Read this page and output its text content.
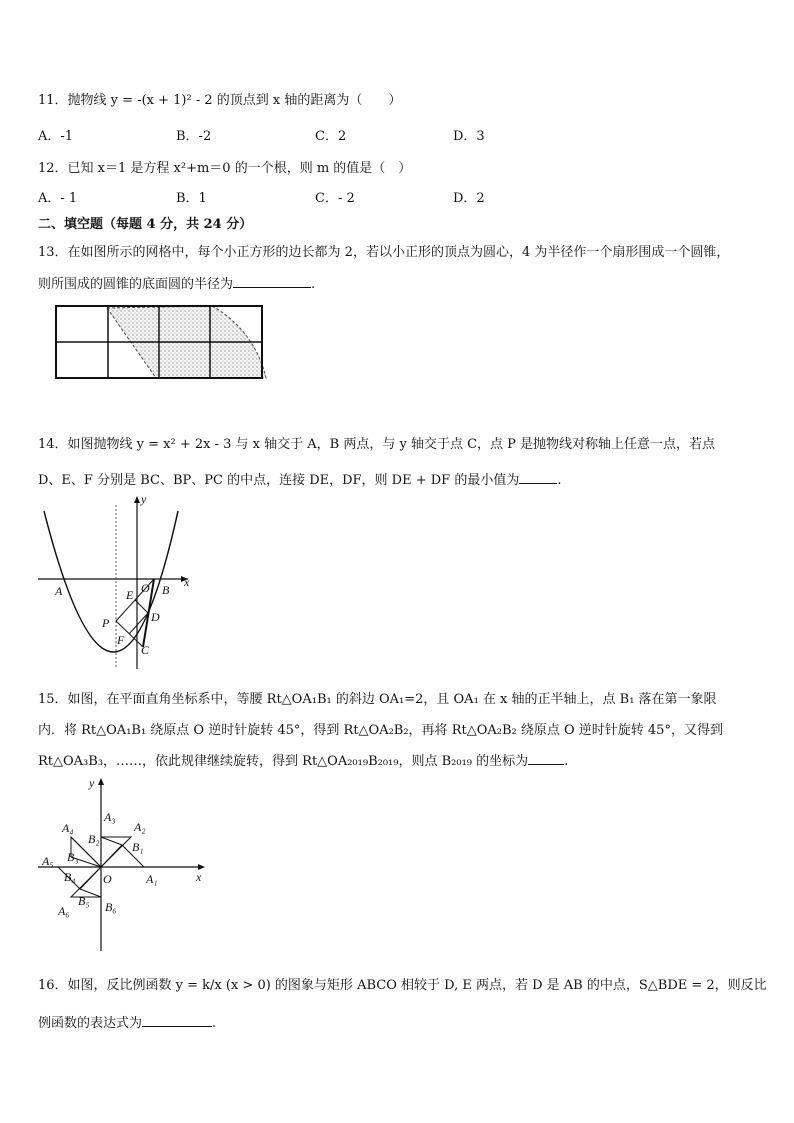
11．抛物线 y = -(x + 1)² - 2 的顶点到 x 轴的距离为（　　）
A．-1	B．-2	C．2	D．3
12．已知 x＝1 是方程 x²+m＝0 的一个根，则 m 的值是（　）
A．- 1	B．1	C．- 2	D．2
二、填空题（每题 4 分，共 24 分）
13．在如图所示的网格中，每个小正方形的边长都为 2，若以小正形的顶点为圆心，4 为半径作一个扇形围成一个圆锥，
则所围成的圆锥的底面圆的半径为	.
14．如图抛物线 y = x² + 2x - 3 与 x 轴交于 A，B 两点，与 y 轴交于点 C，点 P 是抛物线对称轴上任意一点，若点
D、E、F 分别是 BC、BP、PC 的中点，连接 DE，DF，则 DE + DF 的最小值为	.
y
x
A	B
O
E
D
P
F
C
15．如图，在平面直角坐标系中，等腰 Rt△OA₁B₁ 的斜边 OA₁=2，且 OA₁ 在 x 轴的正半轴上，点 B₁ 落在第一象限
内．将 Rt△OA₁B₁ 绕原点 O 逆时针旋转 45°，得到 Rt△OA₂B₂，再将 Rt△OA₂B₂ 绕原点 O 逆时针旋转 45°，又得到
Rt△OA₃B₃，……，依此规律继续旋转，得到 Rt△OA₂₀₁₉B₂₀₁₉，则点 B₂₀₁₉ 的坐标为	.
y
x
O	A₁
A₂
A₃
A₄
A₅
A₆
B₁
B₂
B₃
B₄
B₅ B₆
16．如图，反比例函数 y = k/x (x > 0) 的图象与矩形 ABCO 相较于 D, E 两点，若 D 是 AB 的中点，S△BDE = 2，则反比
例函数的表达式为	.
